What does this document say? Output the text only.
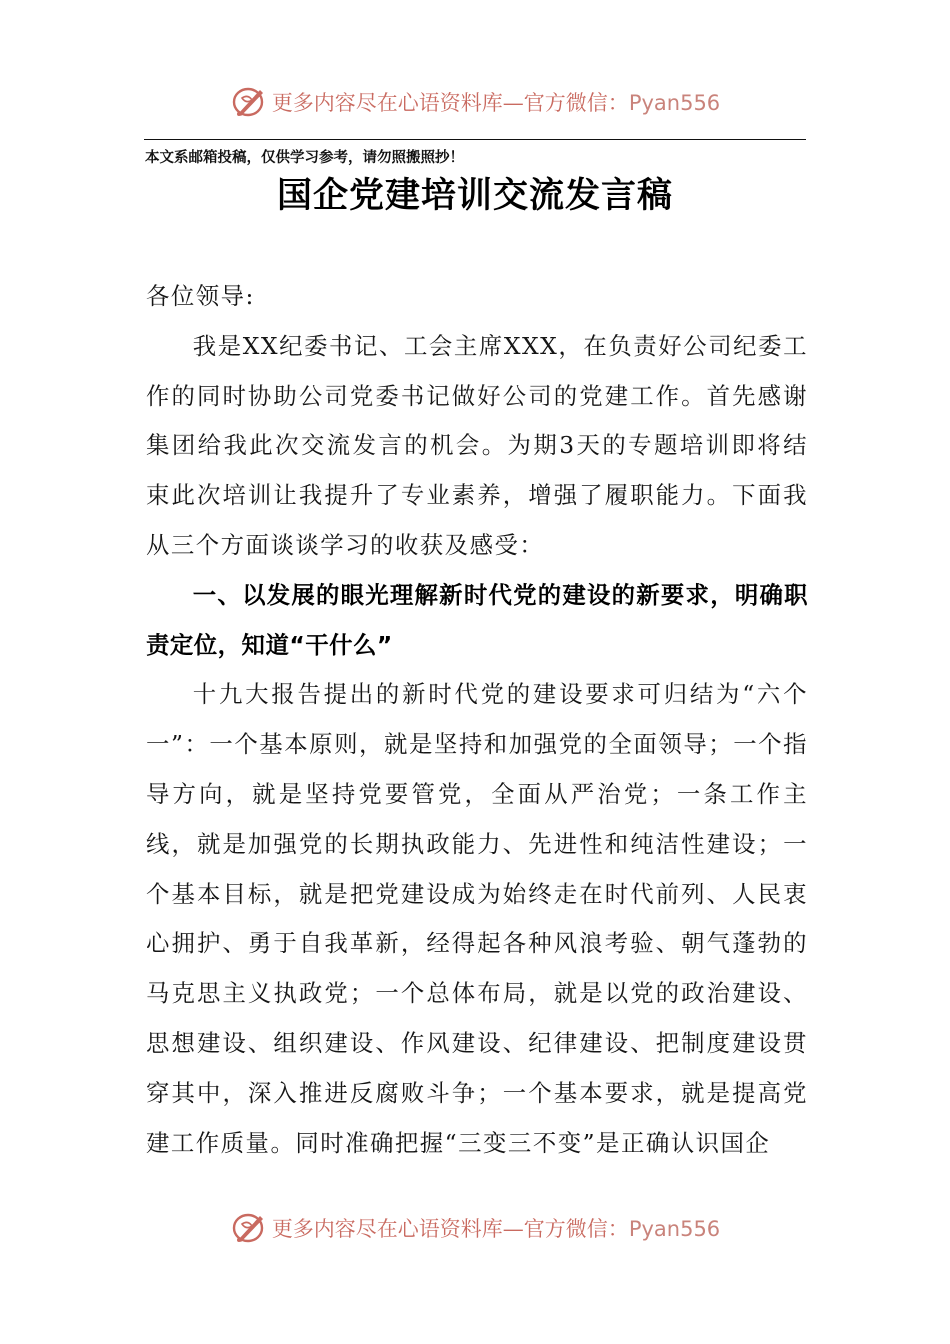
更多内容尽在心语资料库—官方微信：Pyan556
本文系邮箱投稿，仅供学习参考，请勿照搬照抄！
国企党建培训交流发言稿

各位领导:

我是XX纪委书记、工会主席XXX，在负责好公司纪委工作的同时协助公司党委书记做好公司的党建工作。首先感谢集团给我此次交流发言的机会。为期3天的专题培训即将结束此次培训让我提升了专业素养，增强了履职能力。下面我从三个方面谈谈学习的收获及感受：

一、以发展的眼光理解新时代党的建设的新要求，明确职责定位，知道“干什么”

十九大报告提出的新时代党的建设要求可归结为“六个一”：一个基本原则，就是坚持和加强党的全面领导；一个指导方向，就是坚持党要管党，全面从严治党；一条工作主线，就是加强党的长期执政能力、先进性和纯洁性建设；一个基本目标，就是把党建设成为始终走在时代前列、人民衷心拥护、勇于自我革新，经得起各种风浪考验、朝气蓬勃的马克思主义执政党；一个总体布局，就是以党的政治建设、思想建设、组织建设、作风建设、纪律建设、把制度建设贯穿其中，深入推进反腐败斗争；一个基本要求，就是提高党建工作质量。同时准确把握“三变三不变”是正确认识国企

更多内容尽在心语资料库—官方微信：Pyan556
